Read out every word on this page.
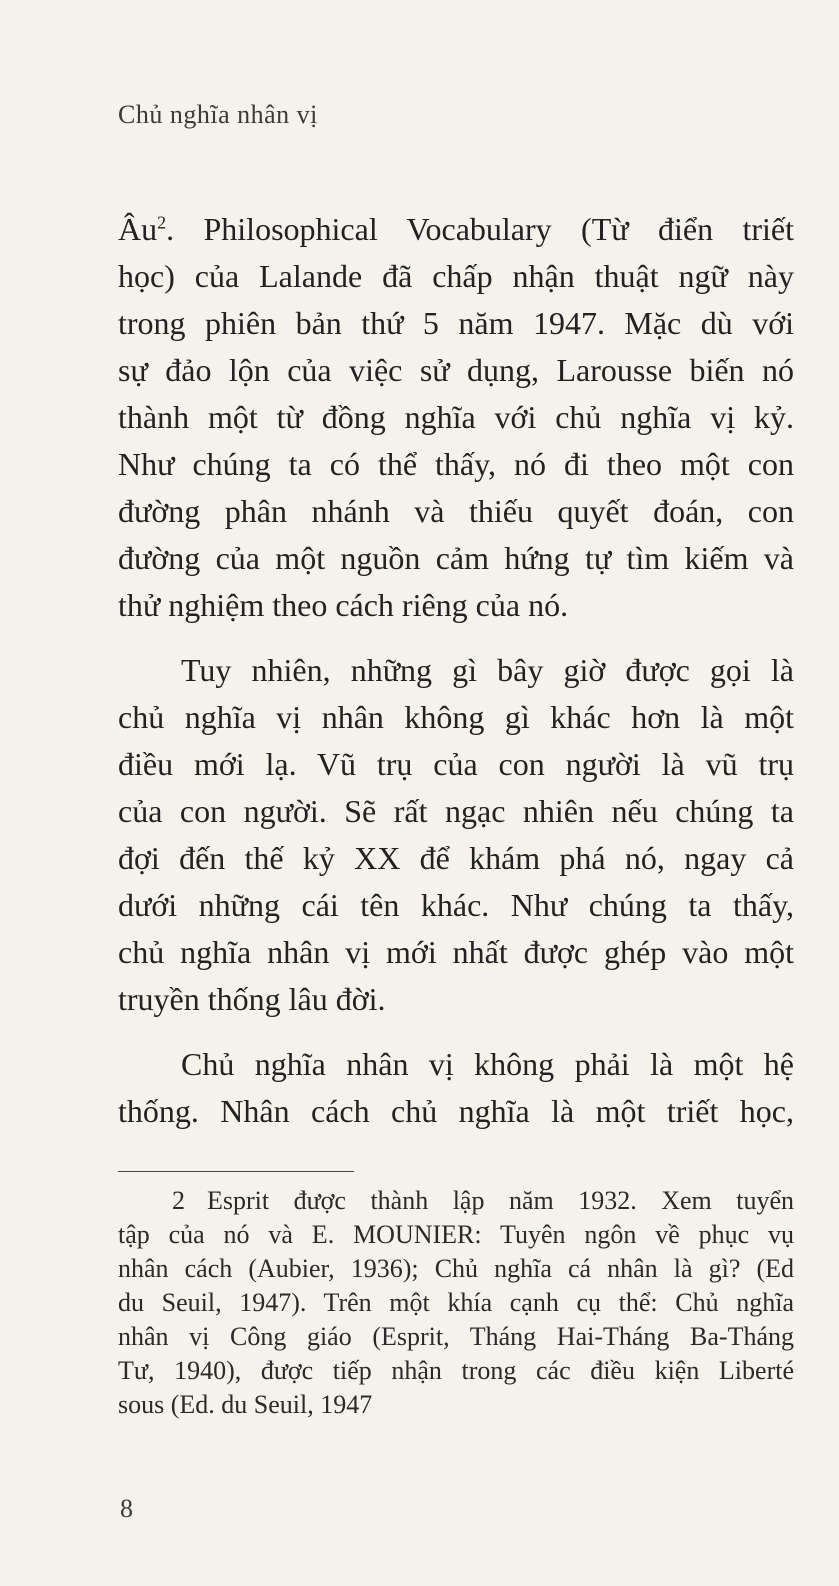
Chủ nghĩa nhân vị
Âu$^2$. Philosophical Vocabulary (Từ điển triết
học) của Lalande đã chấp nhận thuật ngữ này
trong phiên bản thứ 5 năm 1947. Mặc dù với
sự đảo lộn của việc sử dụng, Larousse biến nó
thành một từ đồng nghĩa với chủ nghĩa vị kỷ.
Như chúng ta có thể thấy, nó đi theo một con
đường phân nhánh và thiếu quyết đoán, con
đường của một nguồn cảm hứng tự tìm kiếm và
thử nghiệm theo cách riêng của nó.
Tuy nhiên, những gì bây giờ được gọi là
chủ nghĩa vị nhân không gì khác hơn là một
điều mới lạ. Vũ trụ của con người là vũ trụ
của con người. Sẽ rất ngạc nhiên nếu chúng ta
đợi đến thế kỷ XX để khám phá nó, ngay cả
dưới những cái tên khác. Như chúng ta thấy,
chủ nghĩa nhân vị mới nhất được ghép vào một
truyền thống lâu đời.
Chủ nghĩa nhân vị không phải là một hệ
thống. Nhân cách chủ nghĩa là một triết học,
2 Esprit được thành lập năm 1932. Xem tuyển
tập của nó và E. MOUNIER: Tuyên ngôn về phục vụ
nhân cách (Aubier, 1936); Chủ nghĩa cá nhân là gì? (Ed
du Seuil, 1947). Trên một khía cạnh cụ thể: Chủ nghĩa
nhân vị Công giáo (Esprit, Tháng Hai-Tháng Ba-Tháng
Tư, 1940), được tiếp nhận trong các điều kiện Liberté
sous (Ed. du Seuil, 1947
8
